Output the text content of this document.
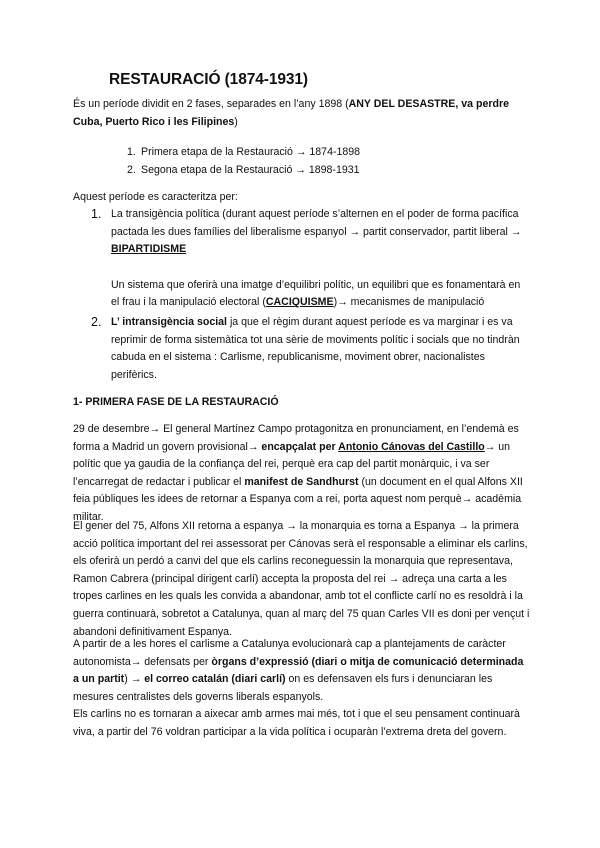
RESTAURACIÓ (1874-1931)

És un període dividit en 2 fases, separades en l’any 1898 (ANY DEL DESASTRE, va perdre Cuba, Puerto Rico i les Filipines)

1. Primera etapa de la Restauració → 1874-1898
2. Segona etapa de la Restauració → 1898-1931
Aquest període es caracteritza per:
1. La transigència política (durant aquest període s’alternen en el poder de forma pacífica pactada les dues famílies del liberalisme espanyol → partit conservador, partit liberal → BIPARTIDISME

Un sistema que oferirà una imatge d’equilibri polític, un equilibri que es fonamentarà en el frau i la manipulació electoral (CACIQUISME)→ mecanismes de manipulació

2. L’ intransigència social ja que el règim durant aquest període es va marginar i es va reprimir de forma sistemàtica tot una sèrie de moviments polític i socials que no tindràn cabuda en el sistema : Carlisme, republicanisme, moviment obrer, nacionalistes perifèrics.

1- PRIMERA FASE DE LA RESTAURACIÓ

29 de desembre→ El general Martínez Campo protagonitza en pronunciament, en l’endemà es forma a Madrid un govern provisional→ encapçalat per Antonio Cánovas del Castillo→ un polític que ya gaudia de la confiança del rei, perquè era cap del partit monàrquic, i va ser l’encarregat de redactar i publicar el manifest de Sandhurst (un document en el qual Alfons XII feia públiques les idees de retornar a Espanya com a rei, porta aquest nom perquè→ acadèmia militar.

El gener del 75, Alfons XII retorna a espanya → la monarquia es torna a Espanya → la primera acció política important del rei assessorat per Cánovas serà el responsable a eliminar els carlins, els oferirà un perdó a canvi del que els carlins reconeguessin la monarquia que representava, Ramon Cabrera (principal dirigent carlí) accepta la proposta del rei → adreça una carta a les tropes carlines en les quals les convida a abandonar, amb tot el conflicte carlí no es resoldrà i la guerra continuarà, sobretot a Catalunya, quan al març del 75 quan Carles VII es doni per vençut i abandoni definitivament Espanya.

A partir de a les hores el carlisme a Catalunya evolucionarà cap a plantejaments de caràcter autonomista→ defensats per òrgans d’expressió (diari o mitja de comunicació determinada a un partit) → el correo catalán (diari carlí) on es defensaven els furs i denunciaran les mesures centralistes dels governs liberals espanyols.

Els carlins no es tornaran a aixecar amb armes mai més, tot i que el seu pensament continuarà viva, a partir del 76 voldran participar a la vida política i ocuparàn l’extrema dreta del govern.
